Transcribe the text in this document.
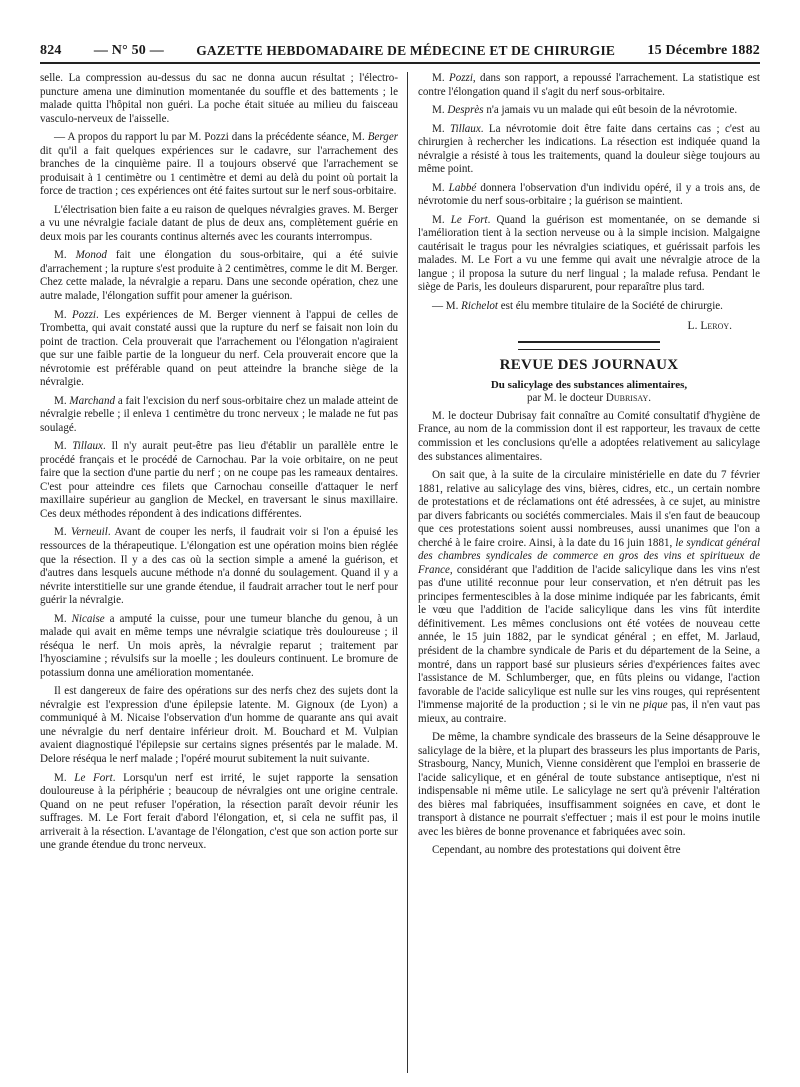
824 — N° 50 — GAZETTE HEBDOMADAIRE DE MÉDECINE ET DE CHIRURGIE 15 Décembre 1882

selle. La compression au-dessus du sac ne donna aucun résultat ; l'électro-puncture amena une diminution momentanée du souffle et des battements ; le malade quitta l'hôpital non guéri. La poche était située au milieu du faisceau vasculo-nerveux de l'aisselle.

— A propos du rapport lu par M. Pozzi dans la précédente séance, M. Berger dit qu'il a fait quelques expériences sur le cadavre, sur l'arrachement des branches de la cinquième paire. Il a toujours observé que l'arrachement se produisait à 1 centimètre ou 1 centimètre et demi au delà du point où portait la force de traction ; ces expériences ont été faites surtout sur le nerf sous-orbitaire.

L'électrisation bien faite a eu raison de quelques névralgies graves. M. Berger a vu une névralgie faciale datant de plus de deux ans, complètement guérie en deux mois par les courants continus alternés avec les courants interrompus.

M. Monod fait une élongation du sous-orbitaire, qui a été suivie d'arrachement ; la rupture s'est produite à 2 centimètres, comme le dit M. Berger. Chez cette malade, la névralgie a reparu. Dans une seconde opération, chez une autre malade, l'élongation suffit pour amener la guérison.

M. Pozzi. Les expériences de M. Berger viennent à l'appui de celles de Trombetta, qui avait constaté aussi que la rupture du nerf se faisait non loin du point de traction. Cela prouverait que l'arrachement ou l'élongation n'agiraient que sur une faible partie de la longueur du nerf. Cela prouverait encore que la névrotomie est préférable quand on peut atteindre la branche siège de la névralgie.

M. Marchand a fait l'excision du nerf sous-orbitaire chez un malade atteint de névralgie rebelle ; il enleva 1 centimètre du tronc nerveux ; le malade ne fut pas soulagé.

M. Tillaux. Il n'y aurait peut-être pas lieu d'établir un parallèle entre le procédé français et le procédé de Carnochau. Par la voie orbitaire, on ne peut faire que la section d'une partie du nerf ; on ne coupe pas les rameaux dentaires. C'est pour atteindre ces filets que Carnochau conseille d'attaquer le nerf maxillaire supérieur au ganglion de Meckel, en traversant le sinus maxillaire. Ces deux méthodes répondent à des indications différentes.

M. Verneuil. Avant de couper les nerfs, il faudrait voir si l'on a épuisé les ressources de la thérapeutique. L'élongation est une opération moins bien réglée que la résection. Il y a des cas où la section simple a amené la guérison, et d'autres dans lesquels aucune méthode n'a donné du soulagement. Quand il y a névrite interstitielle sur une grande étendue, il faudrait arracher tout le nerf pour guérir la névralgie.

M. Nicaise a amputé la cuisse, pour une tumeur blanche du genou, à un malade qui avait en même temps une névralgie sciatique très douloureuse ; il réséqua le nerf. Un mois après, la névralgie reparut ; traitement par l'hyosciamine ; révulsifs sur la moelle ; les douleurs continuent. Le bromure de potassium donna une amélioration momentanée.

Il est dangereux de faire des opérations sur des nerfs chez des sujets dont la névralgie est l'expression d'une épilepsie latente. M. Gignoux (de Lyon) a communiqué à M. Nicaise l'observation d'un homme de quarante ans qui avait une névralgie du nerf dentaire inférieur droit. M. Bouchard et M. Vulpian avaient diagnostiqué l'épilepsie sur certains signes présentés par le malade. M. Delore réséqua le nerf malade ; l'opéré mourut subitement la nuit suivante.

M. Le Fort. Lorsqu'un nerf est irrité, le sujet rapporte la sensation douloureuse à la périphérie ; beaucoup de névralgies ont une origine centrale. Quand on ne peut refuser l'opération, la résection paraît devoir réunir les suffrages. M. Le Fort ferait d'abord l'élongation, et, si cela ne suffit pas, il arriverait à la résection. L'avantage de l'élongation, c'est que son action porte sur une grande étendue du tronc nerveux.

M. Pozzi, dans son rapport, a repoussé l'arrachement. La statistique est contre l'élongation quand il s'agit du nerf sous-orbitaire.

M. Desprès n'a jamais vu un malade qui eût besoin de la névrotomie.

M. Tillaux. La névrotomie doit être faite dans certains cas ; c'est au chirurgien à rechercher les indications. La résection est indiquée quand la névralgie a résisté à tous les traitements, quand la douleur siège toujours au même point.

M. Labbé donnera l'observation d'un individu opéré, il y a trois ans, de névrotomie du nerf sous-orbitaire ; la guérison se maintient.

M. Le Fort. Quand la guérison est momentanée, on se demande si l'amélioration tient à la section nerveuse ou à la simple incision. Malgaigne cautérisait le tragus pour les névralgies sciatiques, et guérissait parfois les malades. M. Le Fort a vu une femme qui avait une névralgie atroce de la langue ; il proposa la suture du nerf lingual ; la malade refusa. Pendant le siège de Paris, les douleurs disparurent, pour reparaître plus tard.

— M. Richelot est élu membre titulaire de la Société de chirurgie.

L. Leroy.
REVUE DES JOURNAUX
Du salicylage des substances alimentaires,
par M. le docteur Dubrisay.

M. le docteur Dubrisay fait connaître au Comité consultatif d'hygiène de France, au nom de la commission dont il est rapporteur, les travaux de cette commission et les conclusions qu'elle a adoptées relativement au salicylage des substances alimentaires.

On sait que, à la suite de la circulaire ministérielle en date du 7 février 1881, relative au salicylage des vins, bières, cidres, etc., un certain nombre de protestations et de réclamations ont été adressées, à ce sujet, au ministre par divers fabricants ou sociétés commerciales. Mais il s'en faut de beaucoup que ces protestations soient aussi nombreuses, aussi unanimes que l'on a cherché à le faire croire. Ainsi, à la date du 16 juin 1881, le syndicat général des chambres syndicales de commerce en gros des vins et spiritueux de France, considérant que l'addition de l'acide salicylique dans les vins n'est pas d'une utilité reconnue pour leur conservation, et n'en détruit pas les principes fermentescibles à la dose minime indiquée par les fabricants, émit le vœu que l'addition de l'acide salicylique dans les vins fût interdite définitivement. Les mêmes conclusions ont été votées de nouveau cette année, le 15 juin 1882, par le syndicat général ; en effet, M. Jarlaud, président de la chambre syndicale de Paris et du département de la Seine, a montré, dans un rapport basé sur plusieurs séries d'expériences faites avec l'assistance de M. Schlumberger, que, en fûts pleins ou vidange, l'action favorable de l'acide salicylique est nulle sur les vins rouges, qui représentent l'immense majorité de la production ; si le vin ne pique pas, il n'en vaut pas mieux, au contraire.

De même, la chambre syndicale des brasseurs de la Seine désapprouve le salicylage de la bière, et la plupart des brasseurs les plus importants de Paris, Strasbourg, Nancy, Munich, Vienne considèrent que l'emploi en brasserie de l'acide salicylique, et en général de toute substance antiseptique, n'est ni indispensable ni même utile. Le salicylage ne sert qu'à prévenir l'altération des bières mal fabriquées, insuffisamment soignées en cave, et dont le transport à distance ne pourrait s'effectuer ; mais il est pour le moins inutile avec les bières de bonne provenance et fabriquées avec soin.

Cependant, au nombre des protestations qui doivent être
